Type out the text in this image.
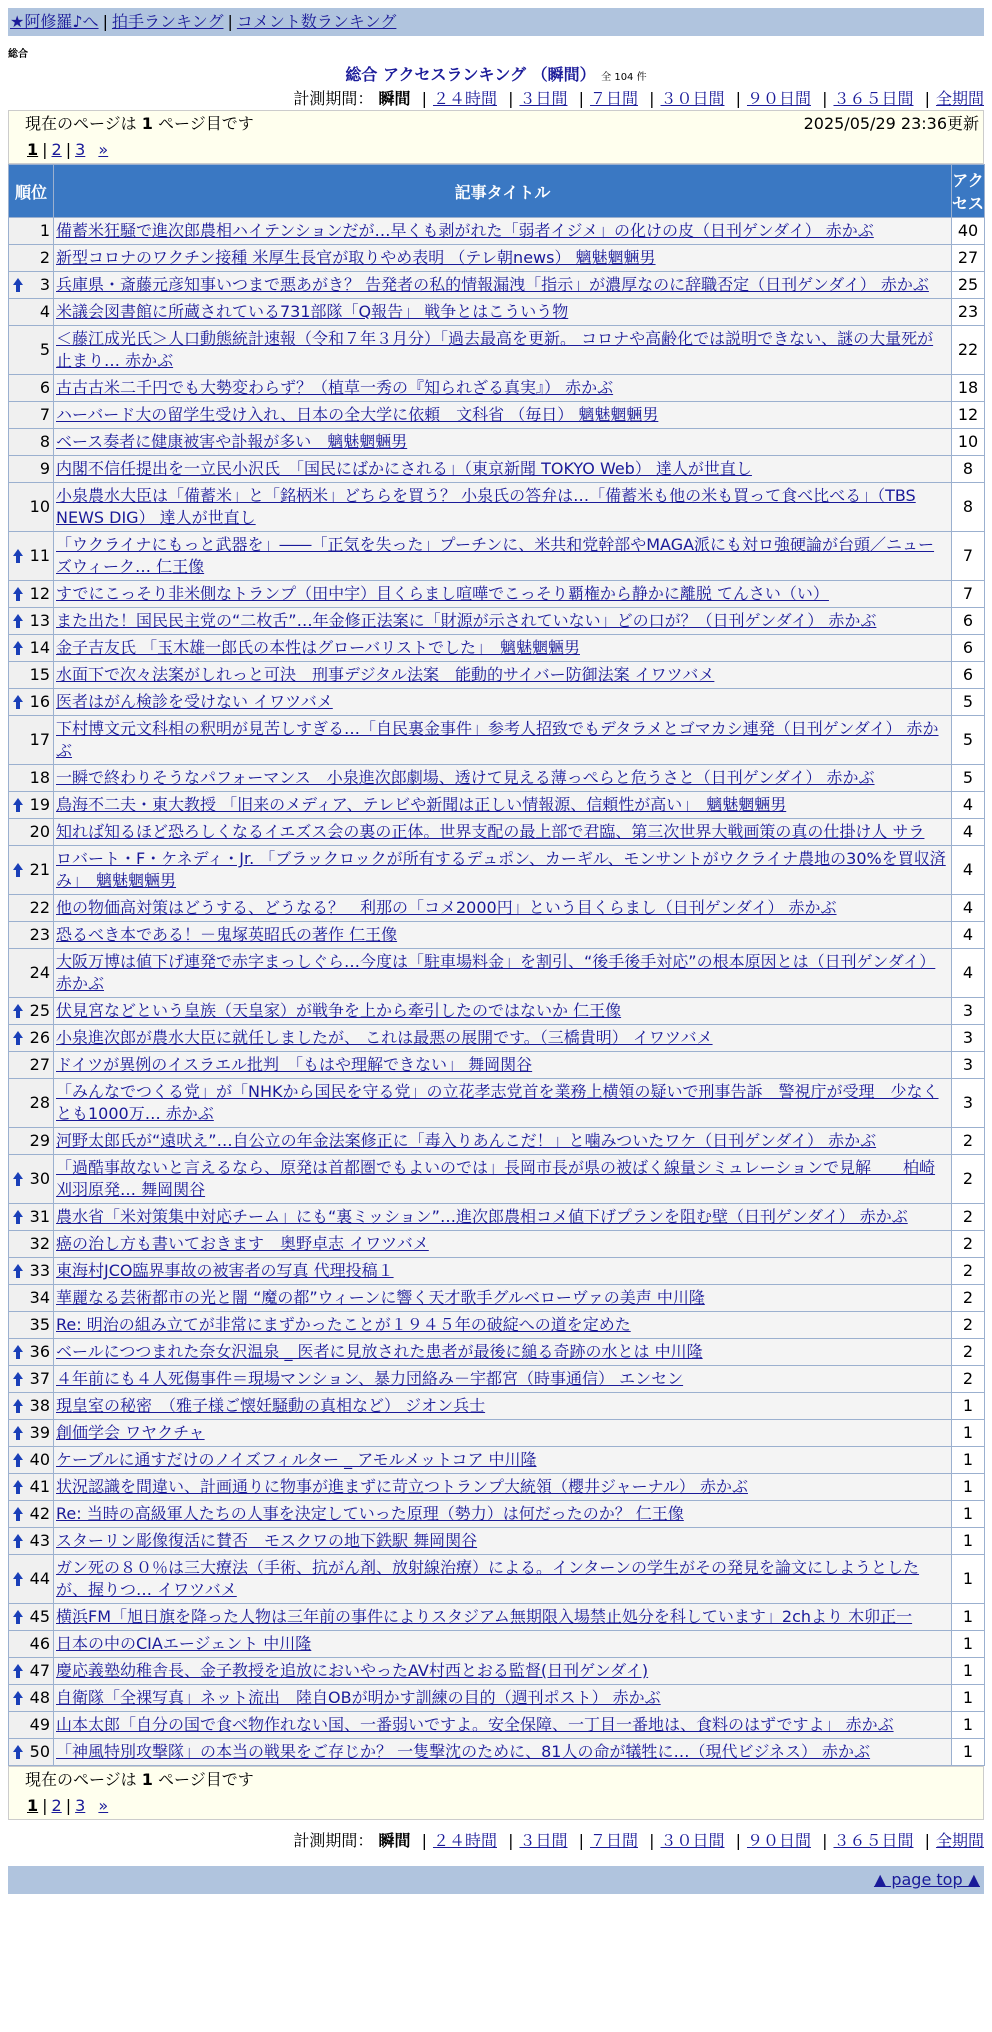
★阿修羅♪へ | 拍手ランキング | コメント数ランキング
総合
総合 アクセスランキング （瞬間） 全 104 件
計測期間： 瞬間 | ２４時間 | ３日間 | ７日間 | ３０日間 | ９０日間 | ３６５日間 | 全期間
現在のページは 1 ページ目です	2025/05/29 23:36更新
1 | 2 | 3 »
順位	記事タイトル	アクセス
1	備蓄米狂騒で進次郎農相ハイテンションだが…早くも剥がれた「弱者イジメ」の化けの皮（日刊ゲンダイ） 赤かぶ	40
2	新型コロナのワクチン接種 米厚生長官が取りやめ表明 （テレ朝news） 魑魅魍魎男	27

3	兵庫県・斎藤元彦知事いつまで悪あがき？ 告発者の私的情報漏洩「指示」が濃厚なのに辞職否定（日刊ゲンダイ） 赤かぶ	25
4	米議会図書館に所蔵されている731部隊「Q報告」 戦争とはこういう物	23
5	＜藤江成光氏＞人口動態統計速報（令和７年３月分）「過去最高を更新。 コロナや高齢化では説明できない、謎の大量死が止まり… 赤かぶ	22
6	古古古米二千円でも大勢変わらず？（植草一秀の『知られざる真実』） 赤かぶ	18
7	ハーバード大の留学生受け入れ、日本の全大学に依頼　文科省 （毎日） 魑魅魍魎男	12
8	ベース奏者に健康被害や訃報が多い　魑魅魍魎男	10
9	内閣不信任提出を一立民小沢氏　「国民にばかにされる」（東京新聞 TOKYO Web） 達人が世直し	8
10	小泉農水大臣は「備蓄米」と「銘柄米」どちらを買う？ 小泉氏の答弁は…「備蓄米も他の米も買って食べ比べる」（TBS NEWS DIG） 達人が世直し	8

11	「ウクライナにもっと武器を」――「正気を失った」プーチンに、米共和党幹部やMAGA派にも対ロ強硬論が台頭／ニューズウィーク… 仁王像	7

12	すでにこっそり非米側なトランプ（田中宇）目くらまし喧嘩でこっそり覇権から静かに離脱 てんさい（い）	7

13	また出た！国民民主党の“二枚舌”…年金修正法案に「財源が示されていない」どの口が？（日刊ゲンダイ） 赤かぶ	6

14	金子吉友氏 「玉木雄一郎氏の本性はグローバリストでした」　魑魅魍魎男	6
15	水面下で次々法案がしれっと可決　刑事デジタル法案　能動的サイバー防御法案 イワツバメ	6

16	医者はがん検診を受けない イワツバメ	5
17	下村博文元文科相の釈明が見苦しすぎる…「自民裏金事件」参考人招致でもデタラメとゴマカシ連発（日刊ゲンダイ） 赤かぶ	5
18	一瞬で終わりそうなパフォーマンス　小泉進次郎劇場、透けて見える薄っぺらと危うさと（日刊ゲンダイ） 赤かぶ	5

19	鳥海不二夫・東大教授 「旧来のメディア、テレビや新聞は正しい情報源、信頼性が高い」　魑魅魍魎男	4
20	知れば知るほど恐ろしくなるイエズス会の裏の正体。世界支配の最上部で君臨、第三次世界大戦画策の真の仕掛け人 サラ	4

21	ロバート・F・ケネディ・Jr. 「ブラックロックが所有するデュポン、カーギル、モンサントがウクライナ農地の30%を買収済み」　魑魅魍魎男	4
22	他の物価高対策はどうする、どうなる？　利那の「コメ2000円」という目くらまし（日刊ゲンダイ） 赤かぶ	4
23	恐るべき本である！－鬼塚英昭氏の著作 仁王像	4
24	大阪万博は値下げ連発で赤字まっしぐら…今度は「駐車場料金」を割引、“後手後手対応”の根本原因とは（日刊ゲンダイ） 赤かぶ	4

25	伏見宮などという皇族（天皇家）が戦争を上から牽引したのではないか 仁王像	3

26	小泉進次郎が農水大臣に就任しましたが、 これは最悪の展開です。（三橋貴明） イワツバメ	3
27	ドイツが異例のイスラエル批判　「もはや理解できない」 舞岡関谷	3
28	「みんなでつくる党」が「NHKから国民を守る党」の立花孝志党首を業務上横領の疑いで刑事告訴　警視庁が受理　少なくとも1000万… 赤かぶ	3
29	河野太郎氏が“遠吠え”…自公立の年金法案修正に「毒入りあんこだ！」と噛みついたワケ（日刊ゲンダイ） 赤かぶ	2

30	「過酷事故ないと言えるなら、原発は首都圏でもよいのでは」長岡市長が県の被ばく線量シミュレーションで見解　　柏崎刈羽原発… 舞岡関谷	2

31	農水省「米対策集中対応チーム」にも“裏ミッション”…進次郎農相コメ値下げプランを阻む壁（日刊ゲンダイ） 赤かぶ	2
32	癌の治し方も書いておきます　奥野卓志 イワツバメ	2

33	東海村JCO臨界事故の被害者の写真 代理投稿１	2
34	華麗なる芸術都市の光と闇 “魔の都”ウィーンに響く天才歌手グルベローヴァの美声 中川隆	2
35	Re: 明治の組み立てが非常にまずかったことが１９４５年の破綻への道を定めた	2

36	ベールにつつまれた奈女沢温泉 _ 医者に見放された患者が最後に縋る奇跡の水とは 中川隆	2

37	４年前にも４人死傷事件＝現場マンション、暴力団絡み－宇都宮（時事通信） エンセン	2

38	現皇室の秘密　（雅子様ご懐妊騒動の真相など） ジオン兵士	1

39	創価学会 ワヤクチャ	1

40	ケーブルに通すだけのノイズフィルター _ アモルメットコア 中川隆	1

41	状況認識を間違い、計画通りに物事が進まずに苛立つトランプ大統領（櫻井ジャーナル） 赤かぶ	1

42	Re: 当時の高級軍人たちの人事を決定していった原理（勢力）は何だったのか？ 仁王像	1

43	スターリン彫像復活に賛否　モスクワの地下鉄駅 舞岡関谷	1

44	ガン死の８０％は三大療法（手術、抗がん剤、放射線治療）による。インターンの学生がその発見を論文にしようとしたが、握りつ… イワツバメ	1

45	横浜FM「旭日旗を降った人物は三年前の事件によりスタジアム無期限入場禁止処分を科しています」2chより 木卯正一	1
46	日本の中のCIAエージェント 中川隆	1

47	慶応義塾幼稚舎長、金子教授を追放においやったAV村西とおる監督(日刊ゲンダイ)	1

48	自衛隊「全裸写真」ネット流出　陸自OBが明かす訓練の目的（週刊ポスト） 赤かぶ	1
49	山本太郎「自分の国で食べ物作れない国、一番弱いですよ。安全保障、一丁目一番地は、食料のはずですよ」 赤かぶ	1

50	「神風特別攻撃隊」の本当の戦果をご存じか？ 一隻撃沈のために、81人の命が犠牲に…（現代ビジネス） 赤かぶ	1
現在のページは 1 ページ目です
1 | 2 | 3 »
計測期間： 瞬間 | ２４時間 | ３日間 | ７日間 | ３０日間 | ９０日間 | ３６５日間 | 全期間
▲ page top ▲
